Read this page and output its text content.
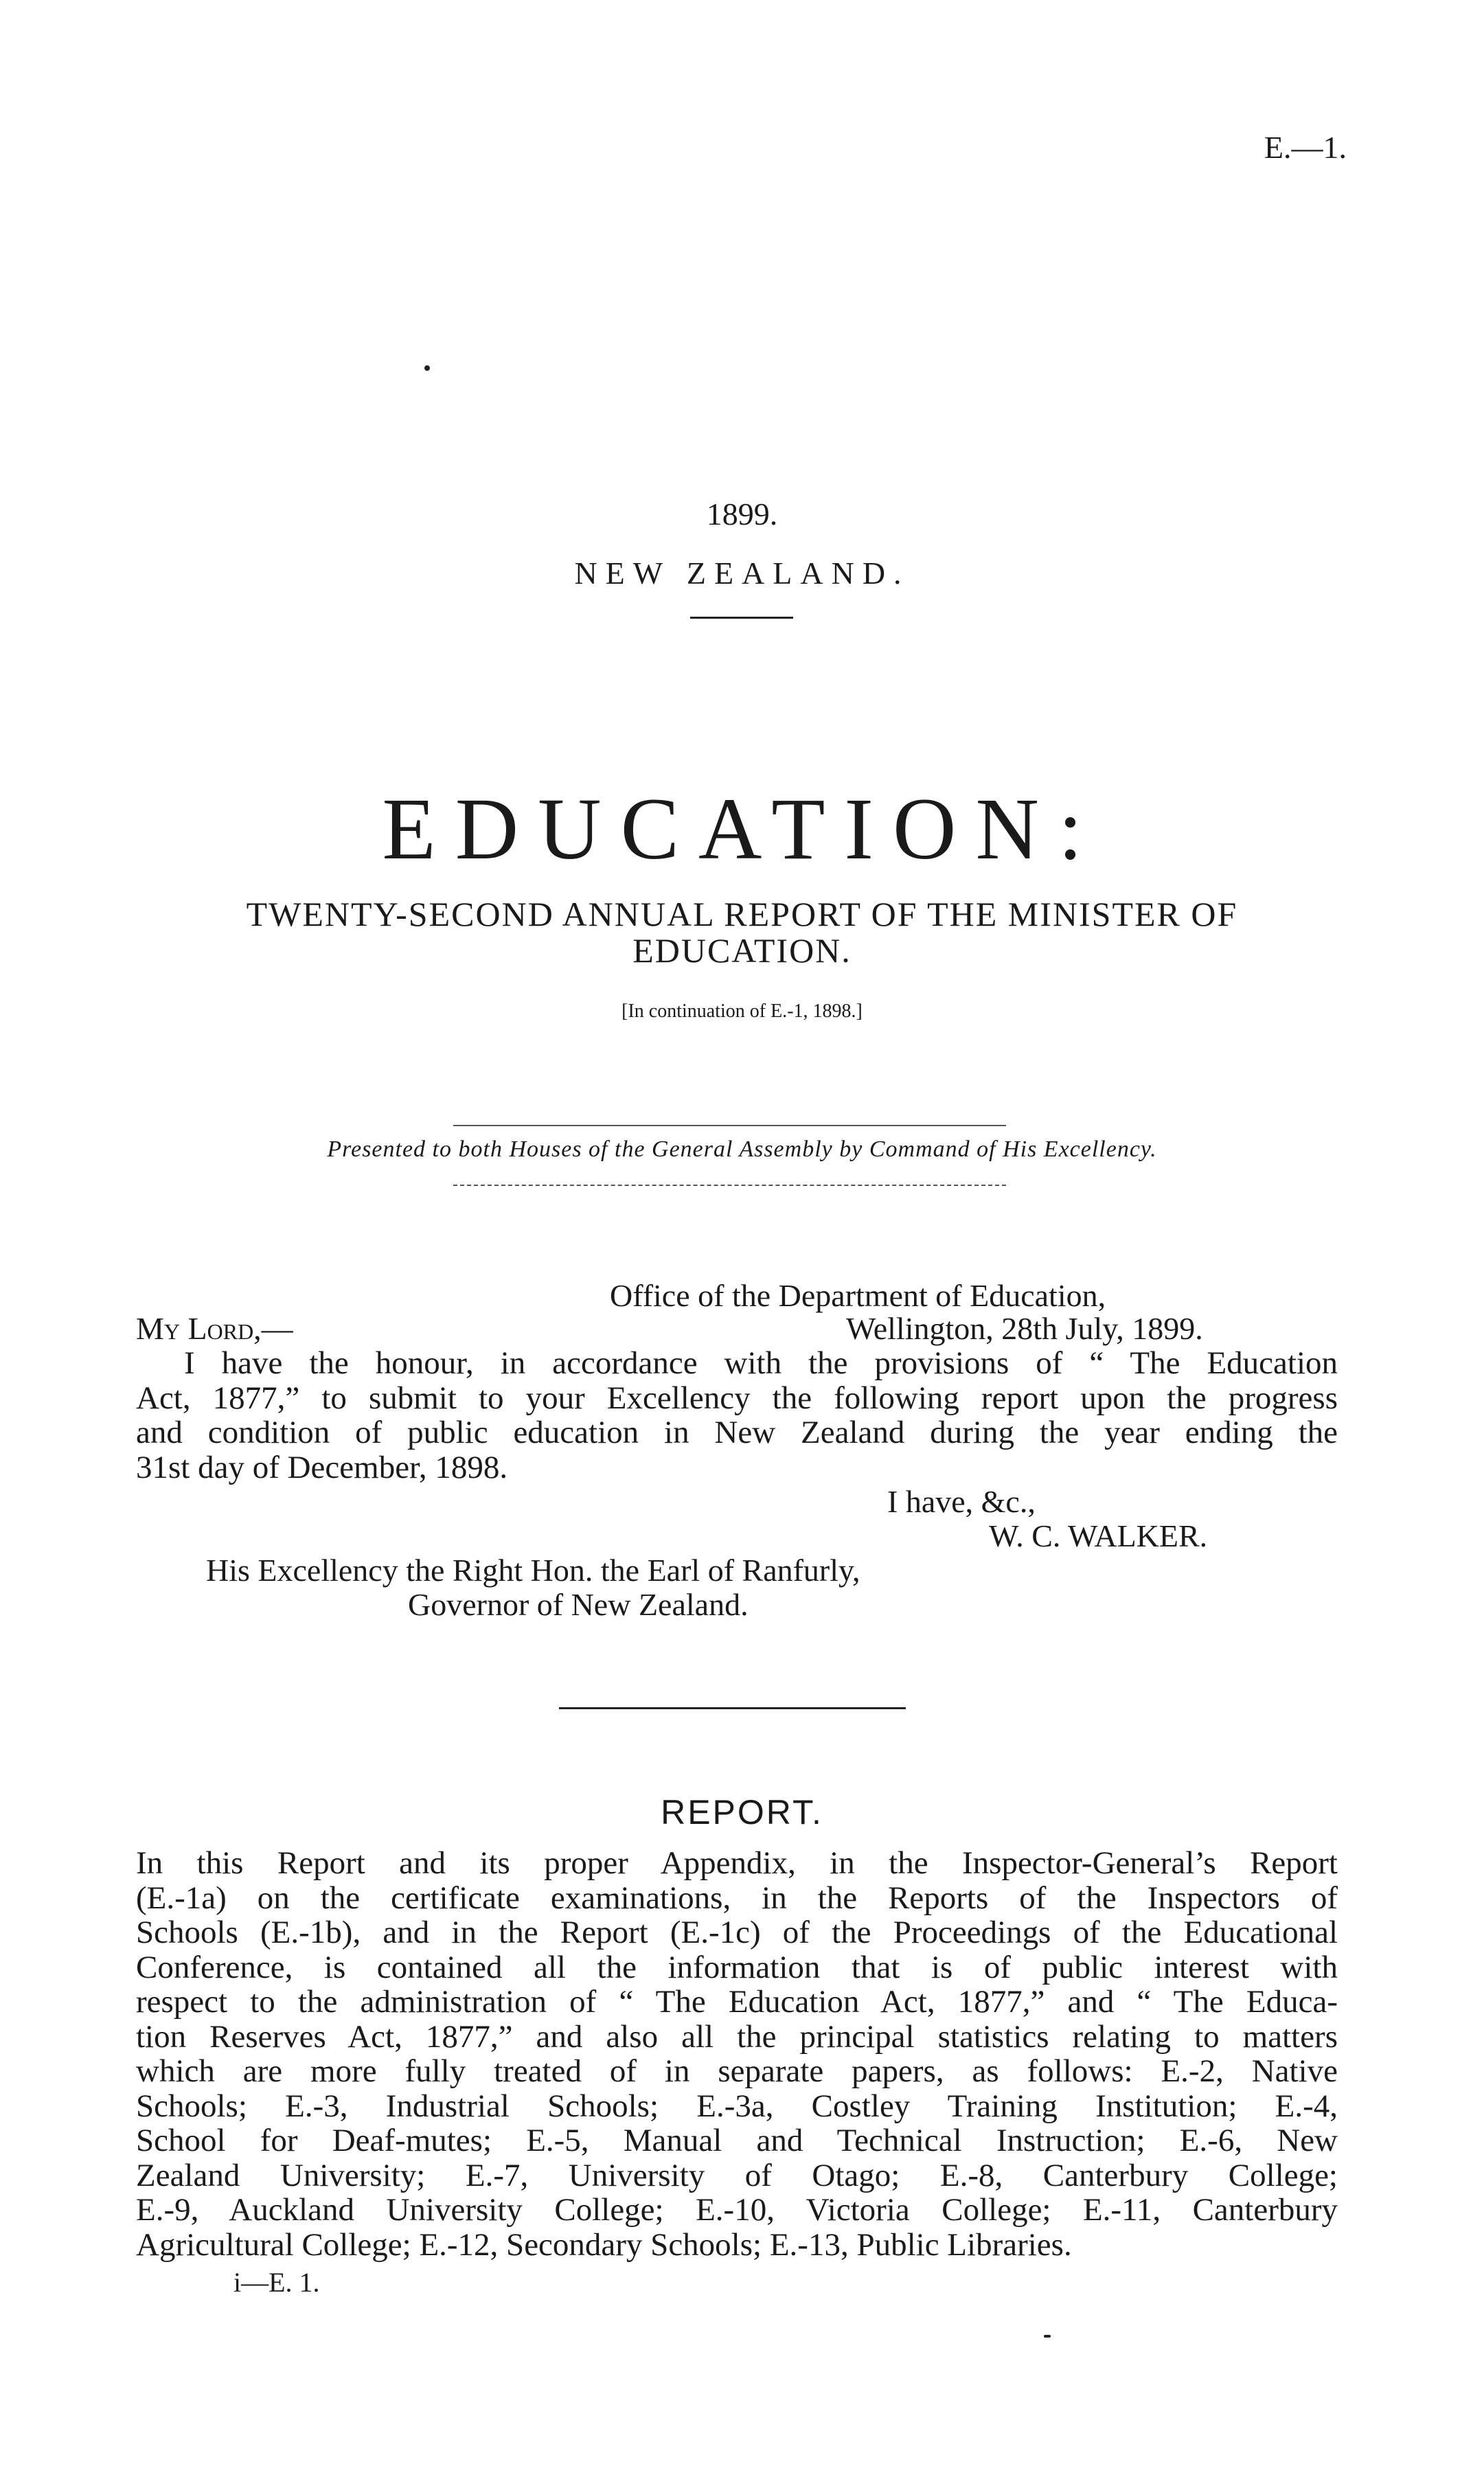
E.—1.
1899.
NEW ZEALAND.
EDUCATION:
TWENTY-SECOND ANNUAL REPORT OF THE MINISTER OF
EDUCATION.
[In continuation of E.-1, 1898.]
Presented to both Houses of the General Assembly by Command of His Excellency.
Office of the Department of Education,
My Lord,—	Wellington, 28th July, 1899.
I have the honour, in accordance with the provisions of “ The Education
Act, 1877,” to submit to your Excellency the following report upon the progress
and condition of public education in New Zealand during the year ending the
31st day of December, 1898.
I have, &c.,
W. C. WALKER.
His Excellency the Right Hon. the Earl of Ranfurly,
Governor of New Zealand.
REPORT.
In this Report and its proper Appendix, in the Inspector-General’s Report
(E.-1a) on the certificate examinations, in the Reports of the Inspectors of
Schools (E.-1b), and in the Report (E.-1c) of the Proceedings of the Educational
Conference, is contained all the information that is of public interest with
respect to the administration of “ The Education Act, 1877,” and “ The Educa-
tion Reserves Act, 1877,” and also all the principal statistics relating to matters
which are more fully treated of in separate papers, as follows: E.-2, Native
Schools; E.-3, Industrial Schools; E.-3a, Costley Training Institution; E.-4,
School for Deaf-mutes; E.-5, Manual and Technical Instruction; E.-6, New
Zealand University; E.-7, University of Otago; E.-8, Canterbury College;
E.-9, Auckland University College; E.-10, Victoria College; E.-11, Canterbury
Agricultural College; E.-12, Secondary Schools; E.-13, Public Libraries.
i—E. 1.
